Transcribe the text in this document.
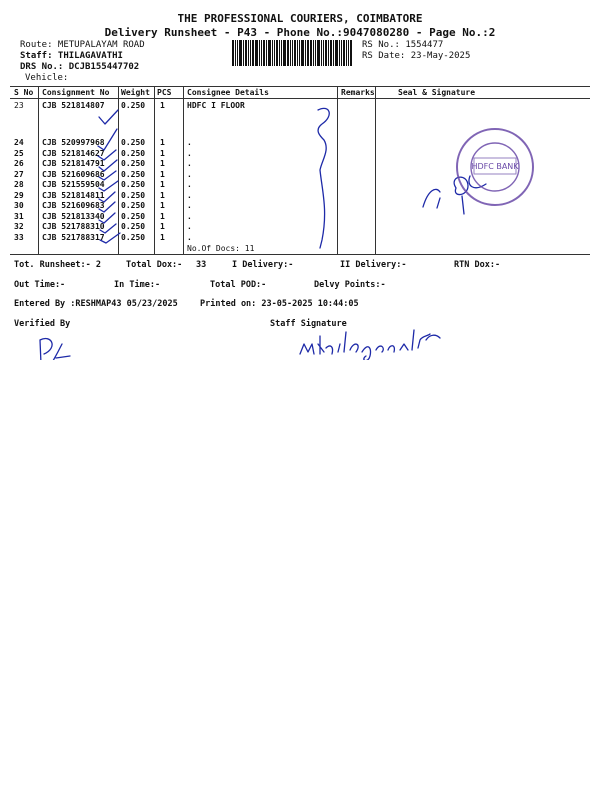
THE PROFESSIONAL COURIERS, COIMBATORE
Delivery Runsheet - P43 - Phone No.:9047080280 - Page No.:2
Route: METUPALAYAM ROAD
Staff: THILAGAVATHI
DRS No.: DCJB155447702
Vehicle:
RS No.: 1554477
RS Date: 23-May-2025
S No Consignment No Weight PCS Consignee Details	Remarks	Seal & Signature
23 CJB 521814807 0.250 1	HDFC I FLOOR
24 CJB 520997968 0.250 1	.
25 CJB 521814627 0.250 1	.
26 CJB 521814791 0.250 1	.
27 CJB 521609686 0.250 1	.
28 CJB 521559504 0.250 1	.
29 CJB 521814811 0.250 1	.
30 CJB 521609683 0.250 1	.
31 CJB 521813340 0.250 1	.
32 CJB 521788310 0.250 1	.
33 CJB 521788317 0.250 1	.
No.Of Docs: 11
HDFC BANK
Tot. Runsheet:- 2	Total Dox:- 33	I Delivery:-	II Delivery:-	RTN Dox:-
Out Time:-	In Time:-	Total POD:-	Delvy Points:-
Entered By :RESHMAP43 05/23/2025	Printed on: 23-05-2025 10:44:05
Verified By	Staff Signature
